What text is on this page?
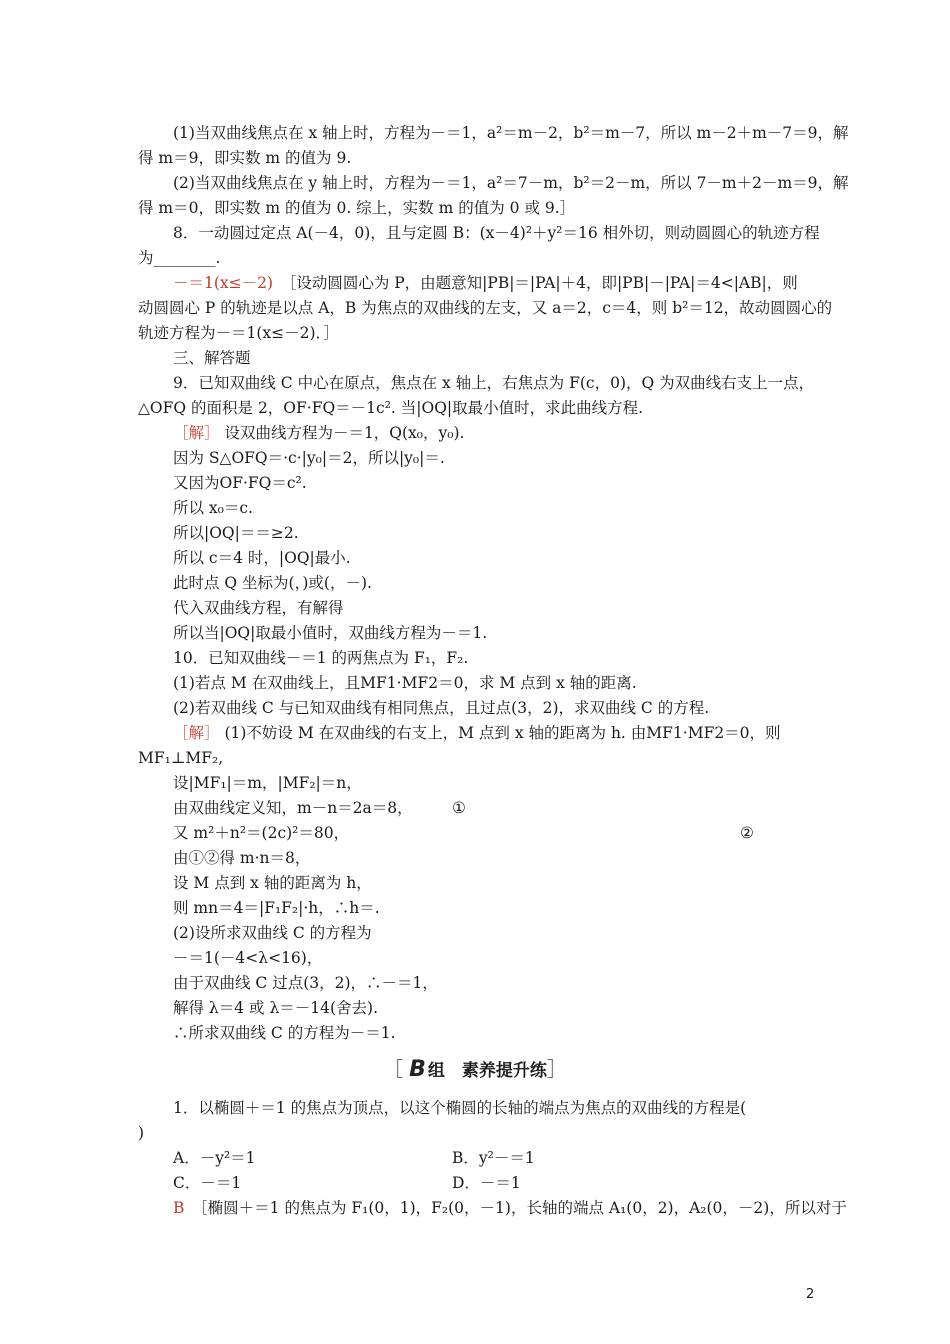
(1)当双曲线焦点在 x 轴上时，方程为－＝1，a²＝m－2，b²＝m－7，所以 m－2＋m－7＝9，解
得 m＝9，即实数 m 的值为 9.
(2)当双曲线焦点在 y 轴上时，方程为－＝1，a²＝7－m，b²＝2－m，所以 7－m＋2－m＝9，解
得 m＝0，即实数 m 的值为 0. 综上，实数 m 的值为 0 或 9.］
8．一动圆过定点 A(－4，0)，且与定圆 B：(x－4)²＋y²＝16 相外切，则动圆圆心的轨迹方程
为________.
－＝1(x≤－2)　 ［设动圆圆心为 P，由题意知|PB|＝|PA|＋4，即|PB|－|PA|＝4<|AB|，则
动圆圆心 P 的轨迹是以点 A，B 为焦点的双曲线的左支，又 a＝2，c＝4，则 b²＝12，故动圆圆心的
轨迹方程为－＝1(x≤－2)．］
三、解答题
9．已知双曲线 C 中心在原点，焦点在 x 轴上，右焦点为 F(c，0)，Q 为双曲线右支上一点，
△OFQ 的面积是 2，OF·FQ＝－1c². 当|OQ|取最小值时，求此曲线方程.
［解］ 设双曲线方程为－＝1，Q(x₀，y₀).
因为 S△OFQ＝·c·|y₀|＝2，所以|y₀|＝.
又因为OF·FQ＝c².
所以 x₀＝c.
所以|OQ|＝＝≥2.
所以 c＝4 时，|OQ|最小.
此时点 Q 坐标为(，)或(，－).
代入双曲线方程，有解得
所以当|OQ|取最小值时，双曲线方程为－＝1.
10．已知双曲线－＝1 的两焦点为 F₁，F₂.
(1)若点 M 在双曲线上，且MF1·MF2＝0，求 M 点到 x 轴的距离.
(2)若双曲线 C 与已知双曲线有相同焦点，且过点(3，2)，求双曲线 C 的方程.
［解］ (1)不妨设 M 在双曲线的右支上，M 点到 x 轴的距离为 h. 由MF1·MF2＝0，则
MF₁⊥MF₂,
设|MF₁|＝m，|MF₂|＝n，
由双曲线定义知，m－n＝2a＝8，	①
又 m²＋n²＝(2c)²＝80，	②
由①②得 m·n＝8，
设 M 点到 x 轴的距离为 h，
则 mn＝4＝|F₁F₂|·h，∴h＝.
(2)设所求双曲线 C 的方程为
－＝1(－4<λ<16)，
由于双曲线 C 过点(3，2)，∴－＝1，
解得 λ＝4 或 λ＝－14(舍去).
∴所求双曲线 C 的方程为－＝1.
［ B 组　素养提升练］
1．以椭圆＋＝1 的焦点为顶点，以这个椭圆的长轴的端点为焦点的双曲线的方程是(
)
A．－y²＝1	B．y²－＝1
C．－＝1	D．－＝1
B　 ［椭圆＋＝1 的焦点为 F₁(0，1)，F₂(0，－1)，长轴的端点 A₁(0，2)，A₂(0，－2)，所以对于
2
